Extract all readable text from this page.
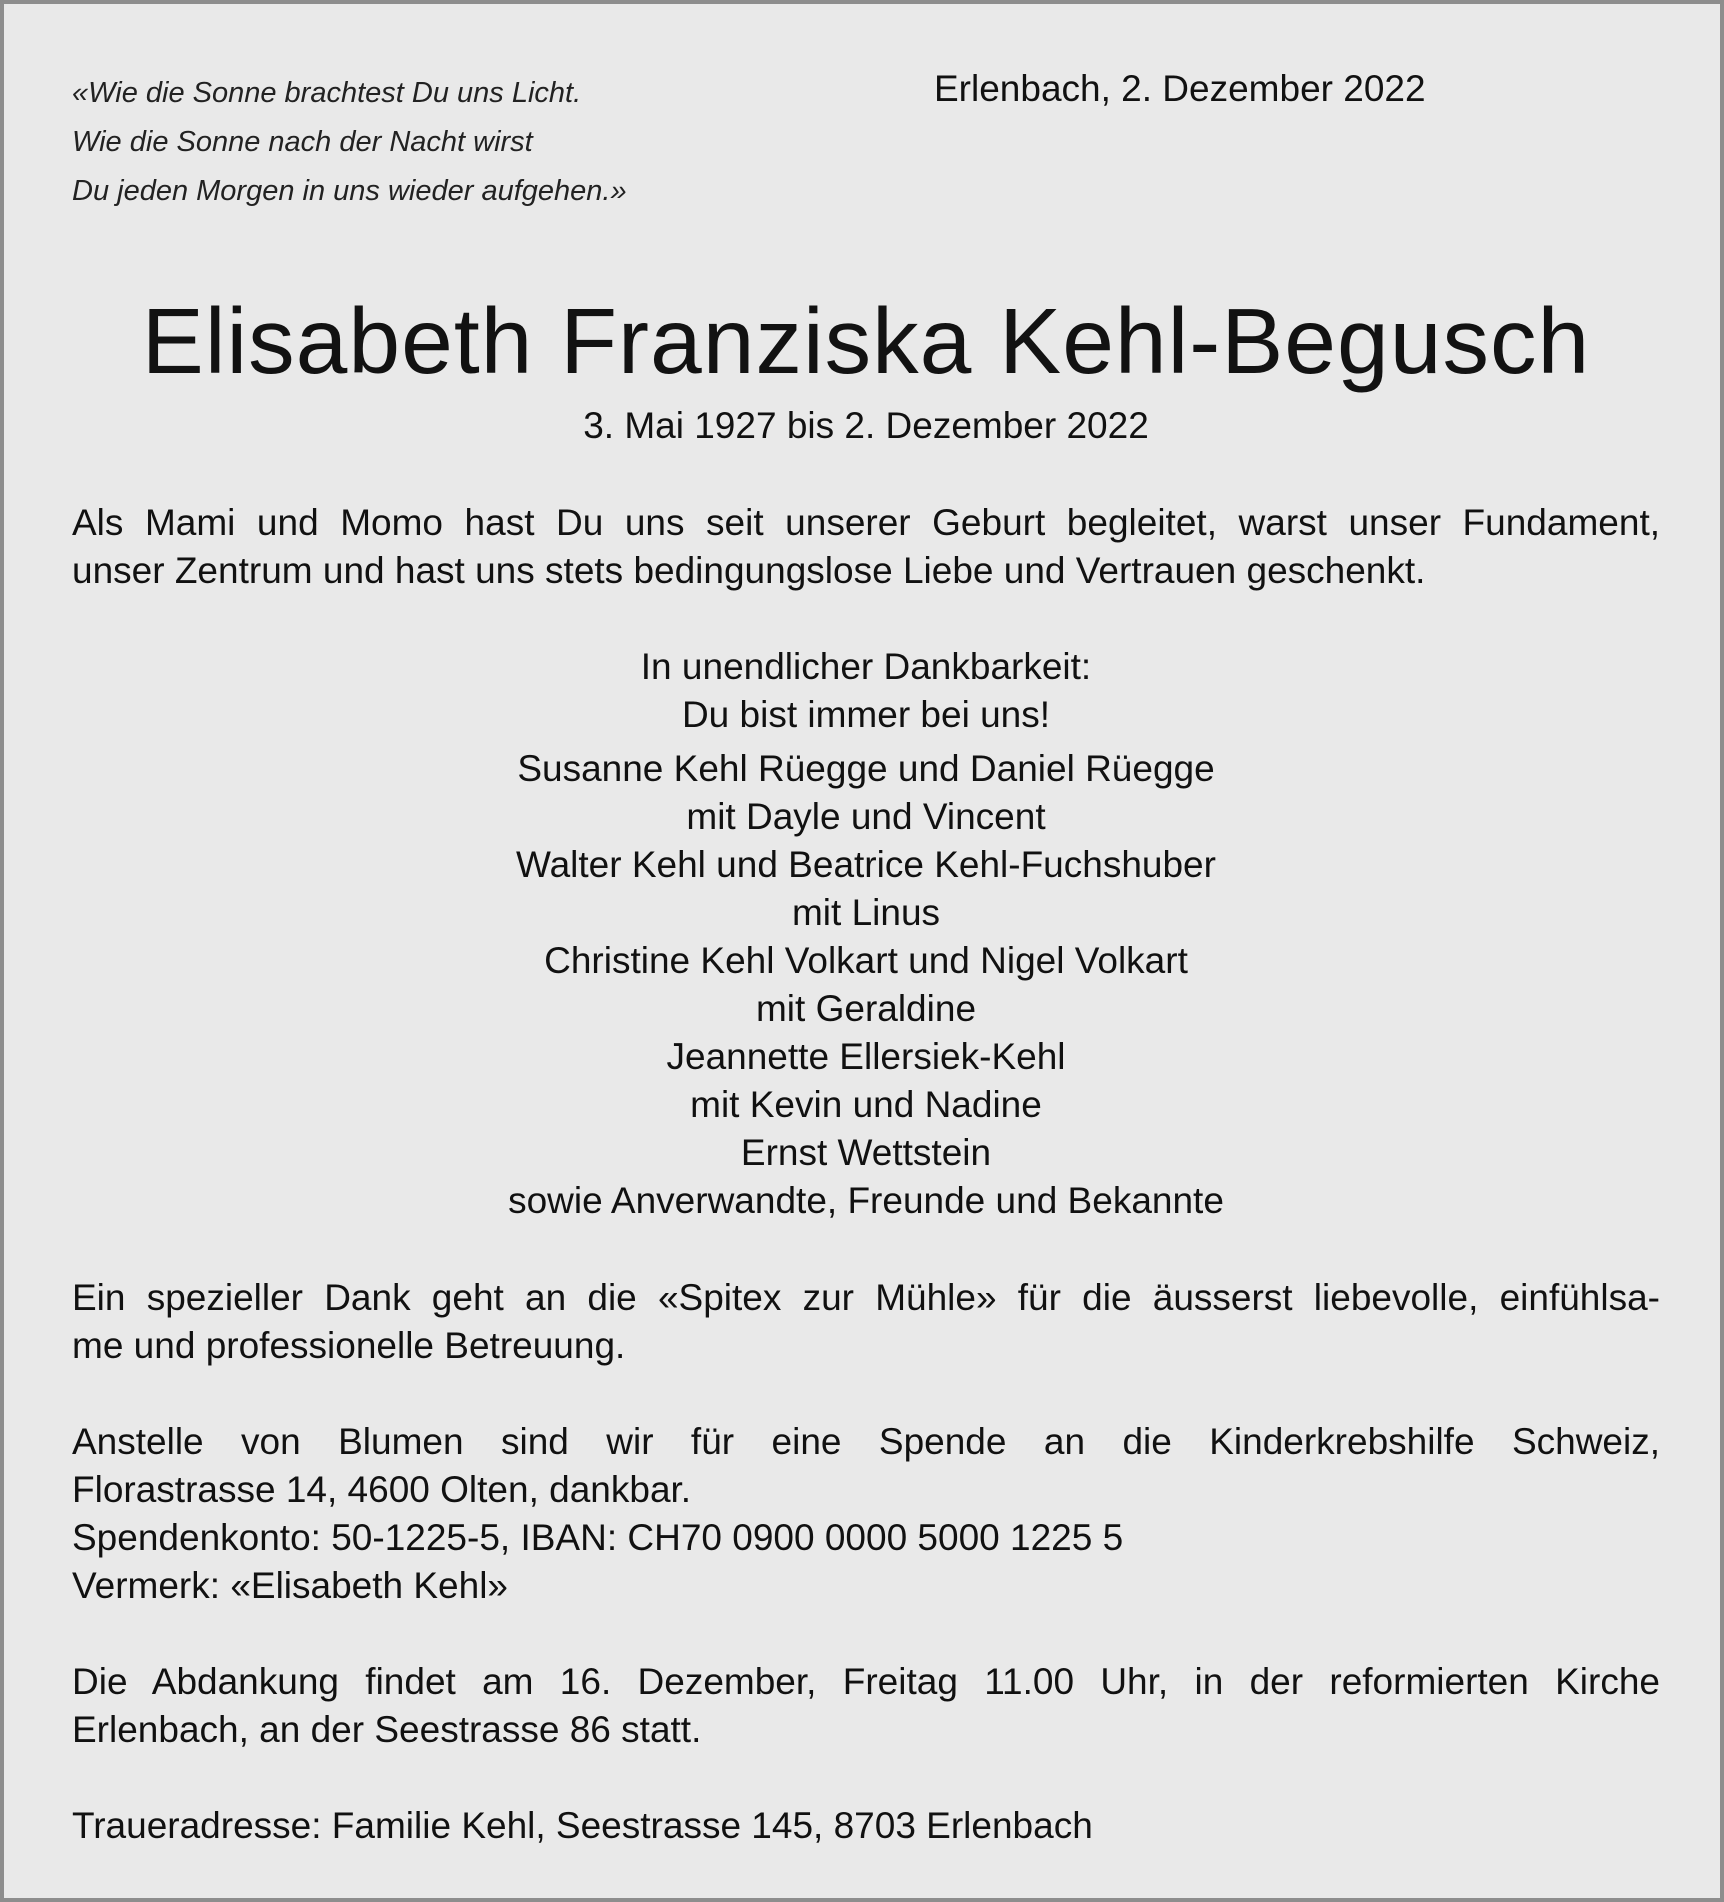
«Wie die Sonne brachtest Du uns Licht.
Wie die Sonne nach der Nacht wirst
Du jeden Morgen in uns wieder aufgehen.»
Erlenbach, 2. Dezember 2022
Elisabeth Franziska Kehl-Begusch
3. Mai 1927 bis 2. Dezember 2022
Als Mami und Momo hast Du uns seit unserer Geburt begleitet, warst unser Fundament,
unser Zentrum und hast uns stets bedingungslose Liebe und Vertrauen geschenkt.
In unendlicher Dankbarkeit:
Du bist immer bei uns!
Susanne Kehl Rüegge und Daniel Rüegge
mit Dayle und Vincent
Walter Kehl und Beatrice Kehl-Fuchshuber
mit Linus
Christine Kehl Volkart und Nigel Volkart
mit Geraldine
Jeannette Ellersiek-Kehl
mit Kevin und Nadine
Ernst Wettstein
sowie Anverwandte, Freunde und Bekannte
Ein spezieller Dank geht an die «Spitex zur Mühle» für die äusserst liebevolle, einfühlsa-
me und professionelle Betreuung.
Anstelle von Blumen sind wir für eine Spende an die Kinderkrebshilfe Schweiz,
Florastrasse 14, 4600 Olten, dankbar.
Spendenkonto: 50-1225-5, IBAN: CH70 0900 0000 5000 1225 5
Vermerk: «Elisabeth Kehl»
Die Abdankung findet am 16. Dezember, Freitag 11.00 Uhr, in der reformierten Kirche
Erlenbach, an der Seestrasse 86 statt.
Traueradresse: Familie Kehl, Seestrasse 145, 8703 Erlenbach
